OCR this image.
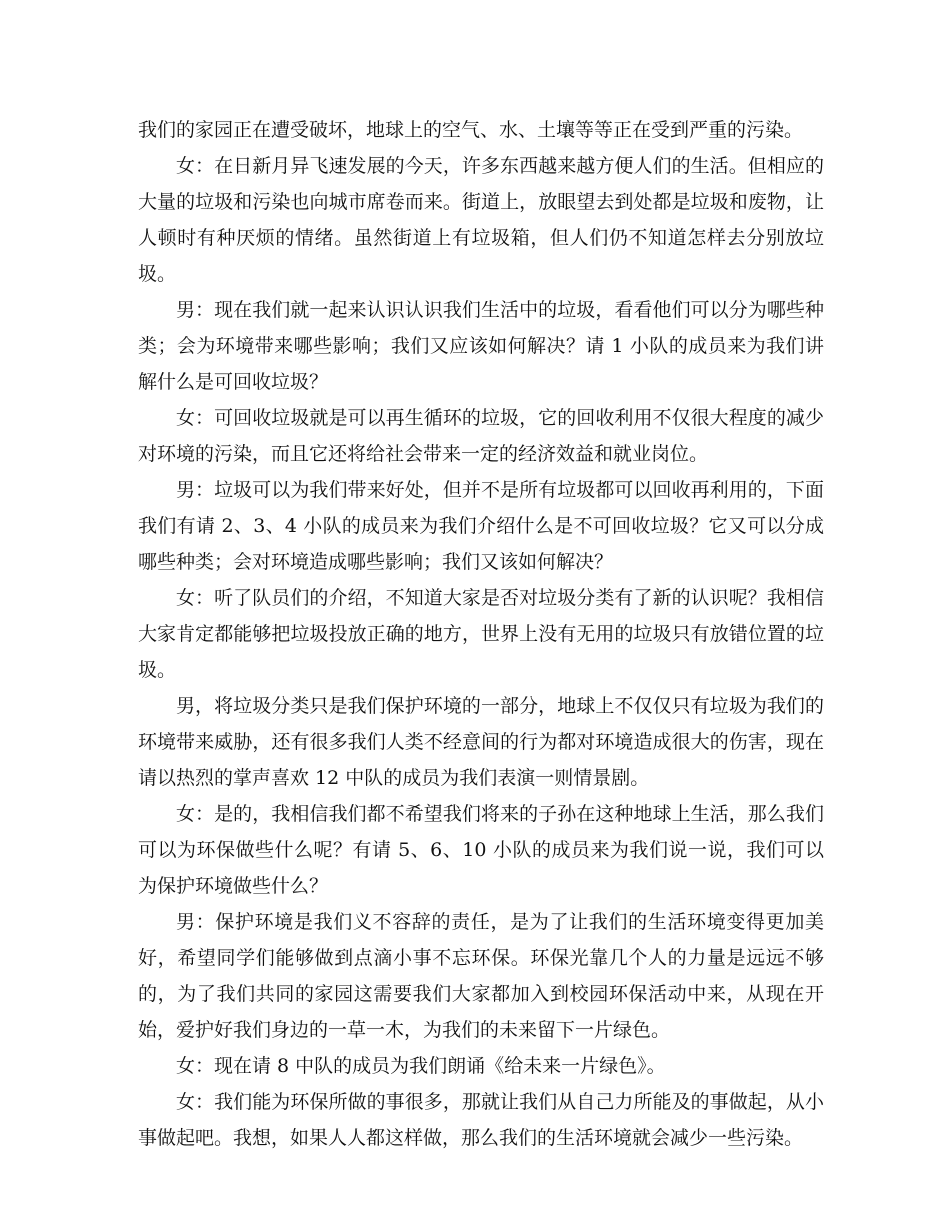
我们的家园正在遭受破坏，地球上的空气、水、土壤等等正在受到严重的污染。

女：在日新月异飞速发展的今天，许多东西越来越方便人们的生活。但相应的大量的垃圾和污染也向城市席卷而来。街道上，放眼望去到处都是垃圾和废物，让人顿时有种厌烦的情绪。虽然街道上有垃圾箱，但人们仍不知道怎样去分别放垃圾。

男：现在我们就一起来认识认识我们生活中的垃圾，看看他们可以分为哪些种类；会为环境带来哪些影响；我们又应该如何解决？请 1 小队的成员来为我们讲解什么是可回收垃圾？

女：可回收垃圾就是可以再生循环的垃圾，它的回收利用不仅很大程度的减少对环境的污染，而且它还将给社会带来一定的经济效益和就业岗位。

男：垃圾可以为我们带来好处，但并不是所有垃圾都可以回收再利用的，下面我们有请 2、3、4 小队的成员来为我们介绍什么是不可回收垃圾？它又可以分成哪些种类；会对环境造成哪些影响；我们又该如何解决？

女：听了队员们的介绍，不知道大家是否对垃圾分类有了新的认识呢？我相信大家肯定都能够把垃圾投放正确的地方，世界上没有无用的垃圾只有放错位置的垃圾。

男，将垃圾分类只是我们保护环境的一部分，地球上不仅仅只有垃圾为我们的环境带来威胁，还有很多我们人类不经意间的行为都对环境造成很大的伤害，现在请以热烈的掌声喜欢 12 中队的成员为我们表演一则情景剧。

女：是的，我相信我们都不希望我们将来的子孙在这种地球上生活，那么我们可以为环保做些什么呢？有请 5、6、10 小队的成员来为我们说一说，我们可以为保护环境做些什么？

男：保护环境是我们义不容辞的责任，是为了让我们的生活环境变得更加美好，希望同学们能够做到点滴小事不忘环保。环保光靠几个人的力量是远远不够的，为了我们共同的家园这需要我们大家都加入到校园环保活动中来，从现在开始，爱护好我们身边的一草一木，为我们的未来留下一片绿色。

女：现在请 8 中队的成员为我们朗诵《给未来一片绿色》。

女：我们能为环保所做的事很多，那就让我们从自己力所能及的事做起，从小事做起吧。我想，如果人人都这样做，那么我们的生活环境就会减少一些污染。
